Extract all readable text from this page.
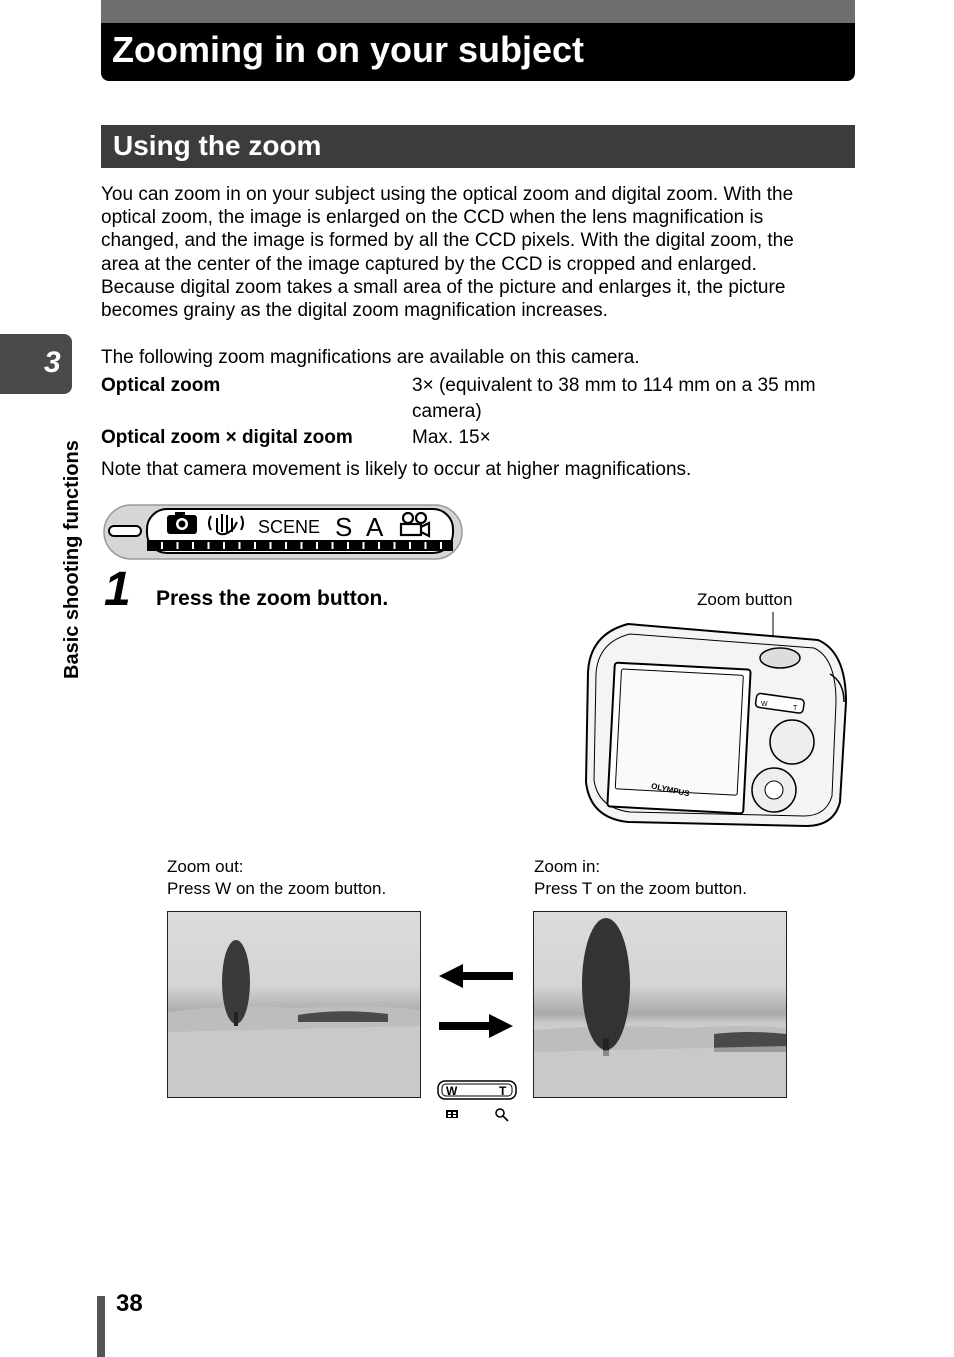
Zooming in on your subject
Using the zoom
3
Basic shooting functions
You can zoom in on your subject using the optical zoom and digital zoom. With the
optical zoom, the image is enlarged on the CCD when the lens magnification is
changed, and the image is formed by all the CCD pixels. With the digital zoom, the
area at the center of the image captured by the CCD is cropped and enlarged.
Because digital zoom takes a small area of the picture and enlarges it, the picture
becomes grainy as the digital zoom magnification increases.
The following zoom magnifications are available on this camera.
Optical zoom	3× (equivalent to 38 mm to 114 mm on a 35 mm
camera)
Optical zoom × digital zoom	Max. 15×
Note that camera movement is likely to occur at higher magnifications.
SCENE S A
1 Press the zoom button.	Zoom button
OLYMPUS
W
T
Zoom out:
Press W on the zoom button.
Zoom in:
Press T on the zoom button.
W	T
38
